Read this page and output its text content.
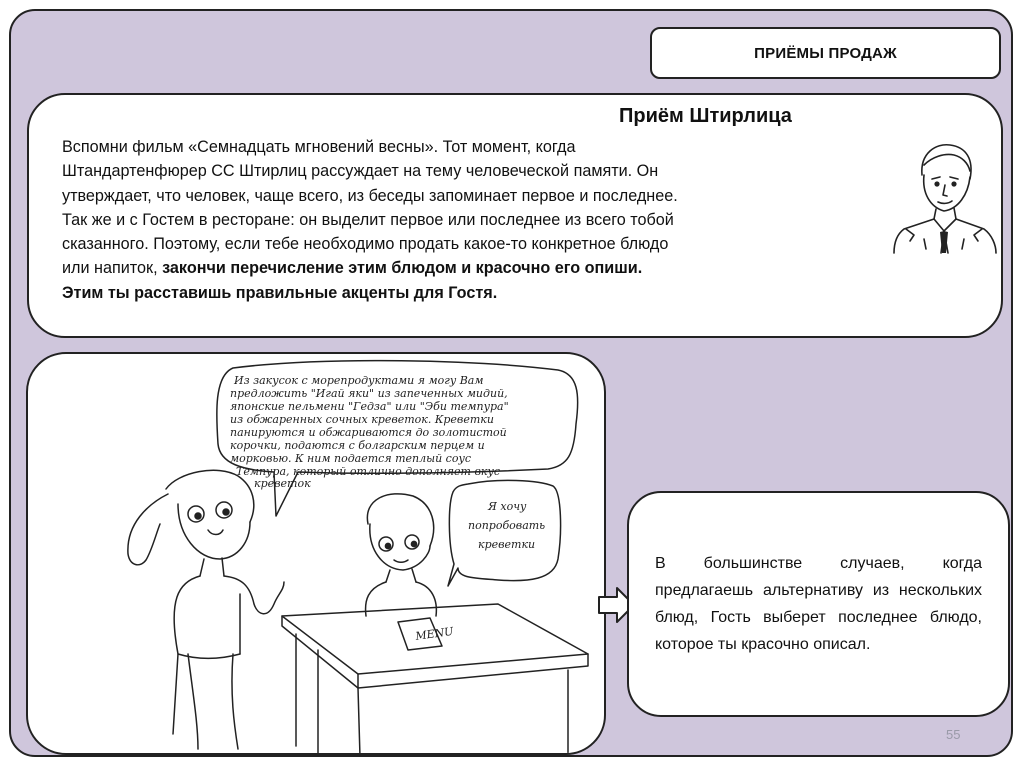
ПРИЁМЫ ПРОДАЖ
Приём Штирлица
Вспомни фильм «Семнадцать мгновений весны». Тот момент, когда
Штандартенфюрер СС Штирлиц рассуждает на тему человеческой памяти. Он
утверждает, что человек, чаще всего, из беседы запоминает первое и последнее.
Так же и с Гостем в ресторане: он выделит первое или последнее из всего тобой
сказанного. Поэтому, если тебе необходимо продать какое-то конкретное блюдо
или напиток, закончи перечисление этим блюдом и красочно его опиши.
Этим ты расставишь правильные акценты для Гостя.
MENU
Из закусок с морепродуктами я могу Вам
предложить "Игай яки" из запеченных мидий,
японские пельмени "Гедза" или "Эби темпура"
из обжаренных сочных креветок. Креветки
панируются и обжариваются до золотистой
корочки, подаются с болгарским перцем и
морковью. К ним подается теплый соус
Темпура, который отлично дополняет вкус
креветок
Я хочу
попробовать
креветки
В большинстве случаев, когда предлагаешь альтернативу из нескольких блюд, Гость выберет последнее блюдо, которое ты красочно описал.
55
